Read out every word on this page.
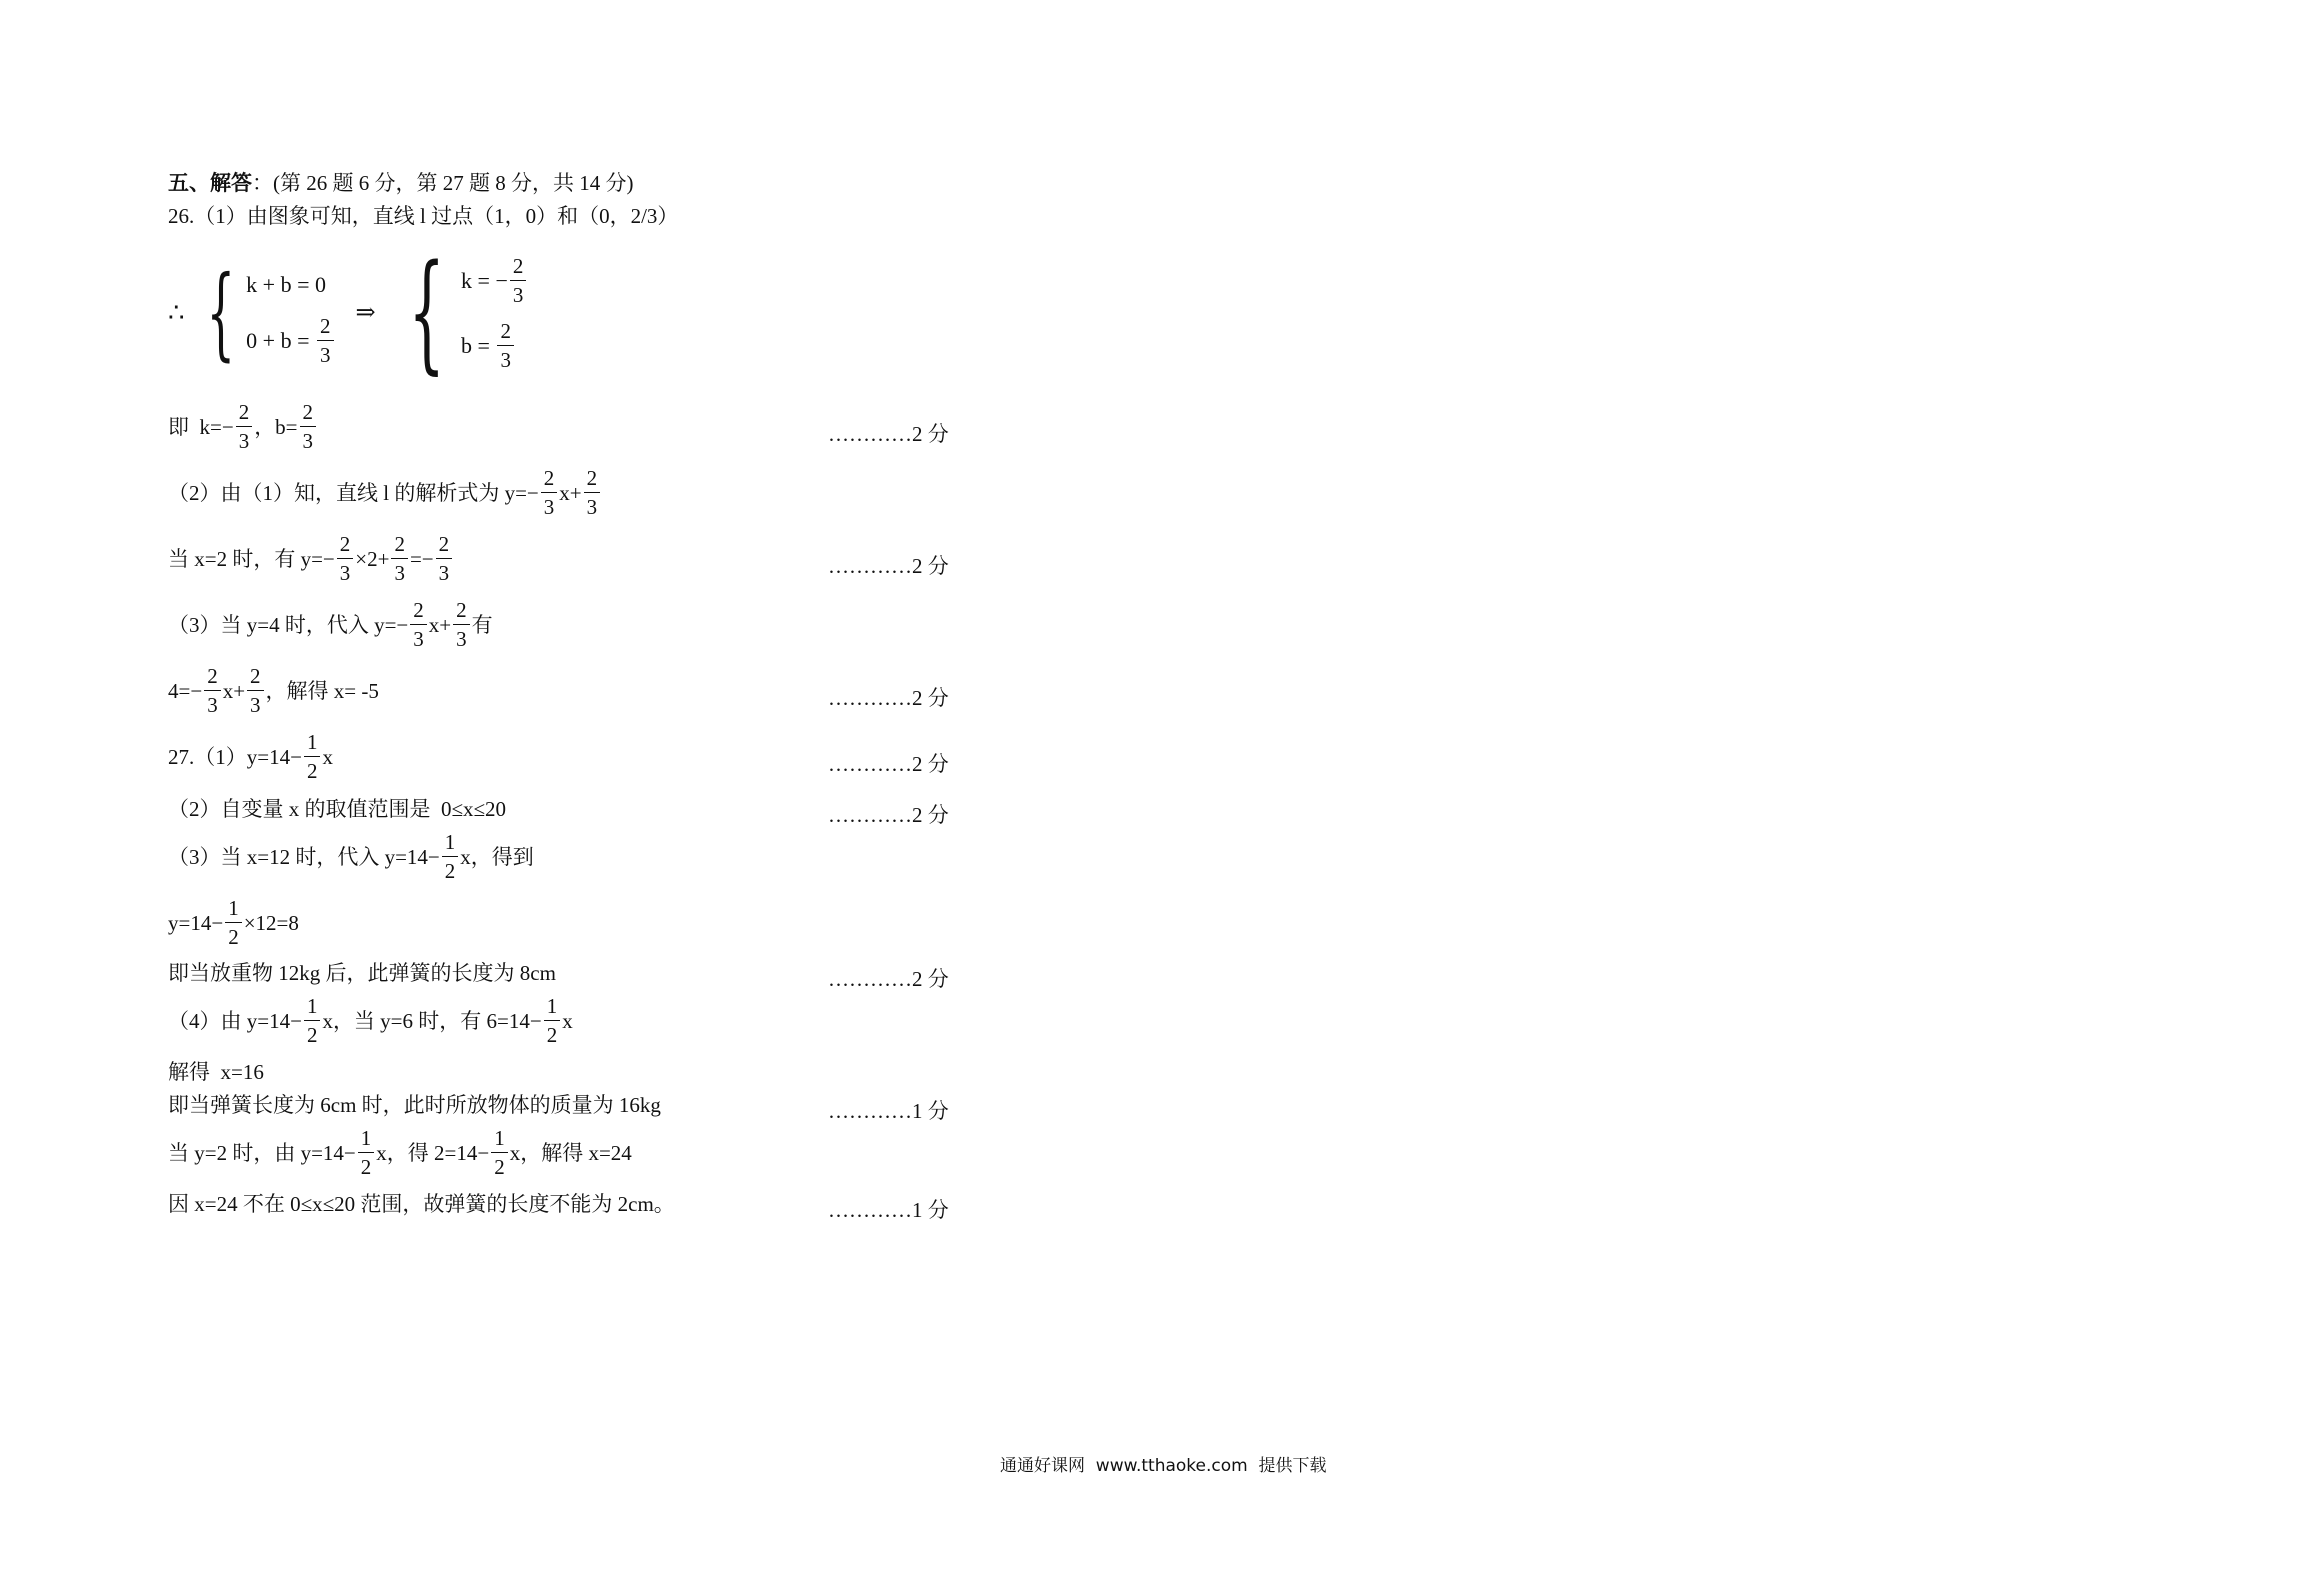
五、解答 ：(第 26 题 6 分，第 27 题 8 分，共 14 分)
26.（1）由图象可知，直线 l 过点（1，0）和（0，2/3）
∴ { k + b = 0
$0 + b = \frac{2}{3}$
⇒ { k = − $\frac{2}{3}$
$b = \frac{2}{3}$
即  $k=- \frac{2}{3}$ ，$b= \frac{2}{3}$	…………2 分
（2）由（1）知，直线 l 的解析式为 $y=- \frac{2}{3} x+ \frac{2}{3}$
当 x=2 时，有 $y=- \frac{2}{3} \times 2+ \frac{2}{3} =- \frac{2}{3}$	…………2 分
（3）当 y=4 时，代入 $y=- \frac{2}{3} x+ \frac{2}{3}$ 有
$4=- \frac{2}{3} x+ \frac{2}{3}$ ，解得 x= -5	…………2 分
$27.(1)y=14- \frac{1}{2}$ x	…………2 分
（2）自变量 x 的取值范围是  0≤x≤20	…………2 分
（3）当 x=12 时，代入 $y=14- \frac{1}{2}$ x，得到
$y=14- \frac{1}{2} \times 12=8$
即当放重物 12kg 后，此弹簧的长度为 8cm	…………2 分
（4）由 $y=14- \frac{1}{2}$ x，当 y=6 时，有 $6=14- \frac{1}{2}$ x
解得  x=16
即当弹簧长度为 6cm 时，此时所放物体的质量为 16kg	…………1 分
当 y=2 时，由 $y=14- \frac{1}{2}$ x，得 $2=14- \frac{1}{2}$ x，解得 x=24
因 x=24 不在 0≤x≤20 范围，故弹簧的长度不能为 2cm。	…………1 分
通通好课网  www.tthaoke.com  提供下载
